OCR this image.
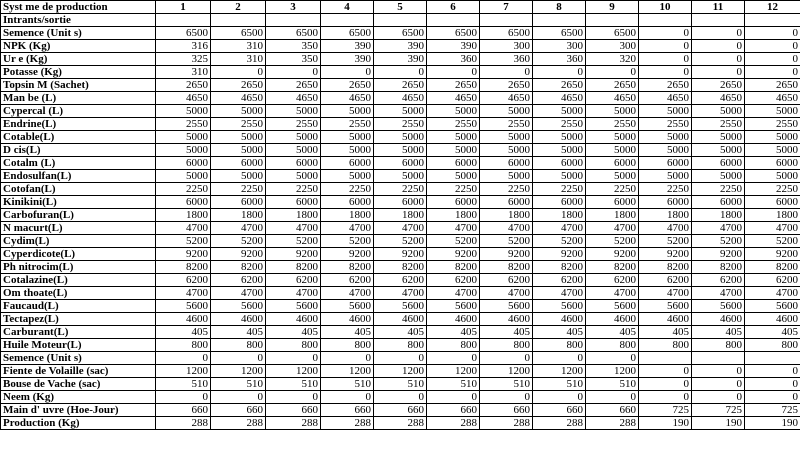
Syst me de production	1	2	3	4	5	6	7	8	9	10	11	12
Intrants/sortie												
Semence (Unit s)	6500	6500	6500	6500	6500	6500	6500	6500	6500	0	0	0
NPK (Kg)	316	310	350	390	390	390	300	300	300	0	0	0
Ur e (Kg)	325	310	350	390	390	360	360	360	320	0	0	0
Potasse (Kg)	310	0	0	0	0	0	0	0	0	0	0	0
Topsin M (Sachet)	2650	2650	2650	2650	2650	2650	2650	2650	2650	2650	2650	2650
Man be (L)	4650	4650	4650	4650	4650	4650	4650	4650	4650	4650	4650	4650
Cypercal (L)	5000	5000	5000	5000	5000	5000	5000	5000	5000	5000	5000	5000
Endrine(L)	2550	2550	2550	2550	2550	2550	2550	2550	2550	2550	2550	2550
Cotable(L)	5000	5000	5000	5000	5000	5000	5000	5000	5000	5000	5000	5000
D cis(L)	5000	5000	5000	5000	5000	5000	5000	5000	5000	5000	5000	5000
Cotalm (L)	6000	6000	6000	6000	6000	6000	6000	6000	6000	6000	6000	6000
Endosulfan(L)	5000	5000	5000	5000	5000	5000	5000	5000	5000	5000	5000	5000
Cotofan(L)	2250	2250	2250	2250	2250	2250	2250	2250	2250	2250	2250	2250
Kinikini(L)	6000	6000	6000	6000	6000	6000	6000	6000	6000	6000	6000	6000
Carbofuran(L)	1800	1800	1800	1800	1800	1800	1800	1800	1800	1800	1800	1800
N macurt(L)	4700	4700	4700	4700	4700	4700	4700	4700	4700	4700	4700	4700
Cydim(L)	5200	5200	5200	5200	5200	5200	5200	5200	5200	5200	5200	5200
Cyperdicote(L)	9200	9200	9200	9200	9200	9200	9200	9200	9200	9200	9200	9200
Ph nitrocim(L)	8200	8200	8200	8200	8200	8200	8200	8200	8200	8200	8200	8200
Cotalazine(L)	6200	6200	6200	6200	6200	6200	6200	6200	6200	6200	6200	6200
Om thoate(L)	4700	4700	4700	4700	4700	4700	4700	4700	4700	4700	4700	4700
Faucaud(L)	5600	5600	5600	5600	5600	5600	5600	5600	5600	5600	5600	5600
Tectapez(L)	4600	4600	4600	4600	4600	4600	4600	4600	4600	4600	4600	4600
Carburant(L)	405	405	405	405	405	405	405	405	405	405	405	405
Huile Moteur(L)	800	800	800	800	800	800	800	800	800	800	800	800
Semence (Unit s)	0	0	0	0	0	0	0	0	0			
Fiente de Volaille (sac)	1200	1200	1200	1200	1200	1200	1200	1200	1200	0	0	0
Bouse de Vache (sac)	510	510	510	510	510	510	510	510	510	0	0	0
Neem (Kg)	0	0	0	0	0	0	0	0	0	0	0	0
Main d' uvre (Hoe-Jour)	660	660	660	660	660	660	660	660	660	725	725	725
Production (Kg)	288	288	288	288	288	288	288	288	288	190	190	190
